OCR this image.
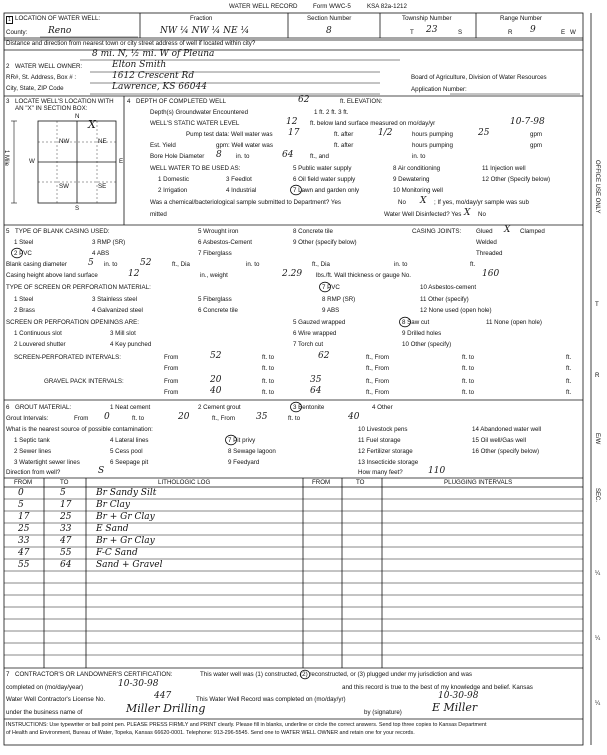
WATER WELL RECORD Form WWC-5	KSA 82a-1212
1 LOCATION OF WATER WELL:
County: Reno
Fraction
NW ¼ NW ¼ NE ¼
Section Number
8
Township Number
T 23	S
Range Number
R 9	E W
Distance and direction from nearest town or city street address of well if located within city?
8 mi. N, ½ mi. W of Pleuna
2 WATER WELL OWNER:	Elton Smith
RR#, St. Address, Box # :	1612 Crescent Rd
City, State, ZIP Code	Lawrence, KS 66044
Board of Agriculture, Division of Water Resources
Application Number:
3 LOCATE WELL'S LOCATION WITH
AN "X" IN SECTION BOX:
N
S
W	E
NW	NE
SW	SE
X
1 Mile
4 DEPTH OF COMPLETED WELL	62	ft. ELEVATION:
Depth(s) Groundwater Encountered	1 ft. 2 ft. 3 ft.
WELL'S STATIC WATER LEVEL	12 ft. below land surface measured on mo/day/yr	10-7-98
Pump test data: Well water was 17	ft. after	1/2	hours pumping	25	gpm
Est. Yield	gpm: Well water was	ft. after	hours pumping	gpm
Bore Hole Diameter 8 in. to	64	ft., and	in. to
WELL WATER TO BE USED AS:	5 Public water supply	8 Air conditioning	11 Injection well
1 Domestic	3 Feedlot	6 Oil field water supply	9 Dewatering	12 Other (Specify below)
2 Irrigation	4 Industrial	7 Lawn and garden only	10 Monitoring well
Was a chemical/bacteriological sample submitted to Department? Yes	No X ; If yes, mo/day/yr sample was sub
mitted	Water Well Disinfected? Yes X No
5 TYPE OF BLANK CASING USED:
1 Steel	3 RMP (SR)
4 ABS
5 Wrought iron
6 Asbestos-Cement
7 Fiberglass
8 Concrete tile
9 Other (specify below)
2 PVC
CASING JOINTS: Glued X Clamped
Welded
Threaded
Blank casing diameter 5 in. to	52	ft., Dia	in. to	ft., Dia	in. to	ft.
Casing height above land surface	12	in., weight	2.29 lbs./ft. Wall thickness or gauge No.	160
TYPE OF SCREEN OR PERFORATION MATERIAL:
1 Steel	3 Stainless steel	5 Fiberglass
7 PVC	10 Asbestos-cement
2 Brass	4 Galvanized steel	6 Concrete tile
8 RMP (SR)	11 Other (specify)
9 ABS	12 None used (open hole)
SCREEN OR PERFORATION OPENINGS ARE:	5 Gauzed wrapped	8 Saw cut	11 None (open hole)
1 Continuous slot	3 Mill slot	6 Wire wrapped	9 Drilled holes
2 Louvered shutter	4 Key punched	7 Torch cut	10 Other (specify)
SCREEN-PERFORATED INTERVALS:	From	52	ft. to	62	ft., From	ft. to	ft.
From	ft. to	ft., From	ft. to	ft.
GRAVEL PACK INTERVALS:	From	20	ft. to	35	ft., From	ft. to	ft.
From	40	ft. to	64	ft., From	ft. to	ft.
6 GROUT MATERIAL:	1 Neat cement	2 Cement grout	3 Bentonite	4 Other
Grout Intervals:	From 0	ft. to	20	ft., From 35	ft. to	40
What is the nearest source of possible contamination:
1 Septic tank	4 Lateral lines	7 Pit privy
10 Livestock pens	14 Abandoned water well
2 Sewer lines	5 Cess pool	8 Sewage lagoon
11 Fuel storage	15 Oil well/Gas well
3 Watertight sewer lines	6 Seepage pit	9 Feedyard
12 Fertilizer storage	16 Other (specify below)
13 Insecticide storage
Direction from well?	S	How many feet?	110
FROM	TO	LITHOLOGIC LOG	FROM	TO	PLUGGING INTERVALS
0	5	Br Sandy Silt
5	17	Br Clay
17	25	Br + Gr Clay
25	33	E Sand
33	47	Br + Gr Clay
47	55	F-C Sand
55	64	Sand + Gravel
7 CONTRACTOR'S OR LANDOWNER'S CERTIFICATION:	This water well was (1) constructed, (2) reconstructed, or (3) plugged under my jurisdiction and was
completed on (mo/day/year)	10-30-98	and this record is true to the best of my knowledge and belief. Kansas
Water Well Contractor's License No.	447	This Water Well Record was completed on (mo/day/yr)	10-30-98
under the business name of	Miller Drilling	by (signature)	E Miller
INSTRUCTIONS: Use typewriter or ball point pen. PLEASE PRESS FIRMLY and PRINT clearly. Please fill in blanks, underline or circle the correct answers. Send top three copies to Kansas Department
of Health and Environment, Bureau of Water, Topeka, Kansas 66620-0001. Telephone: 913-296-5545. Send one to WATER WELL OWNER and retain one for your records.
OFFICE USE ONLY
T
R
E/W
SEC.
¼
¼
¼
